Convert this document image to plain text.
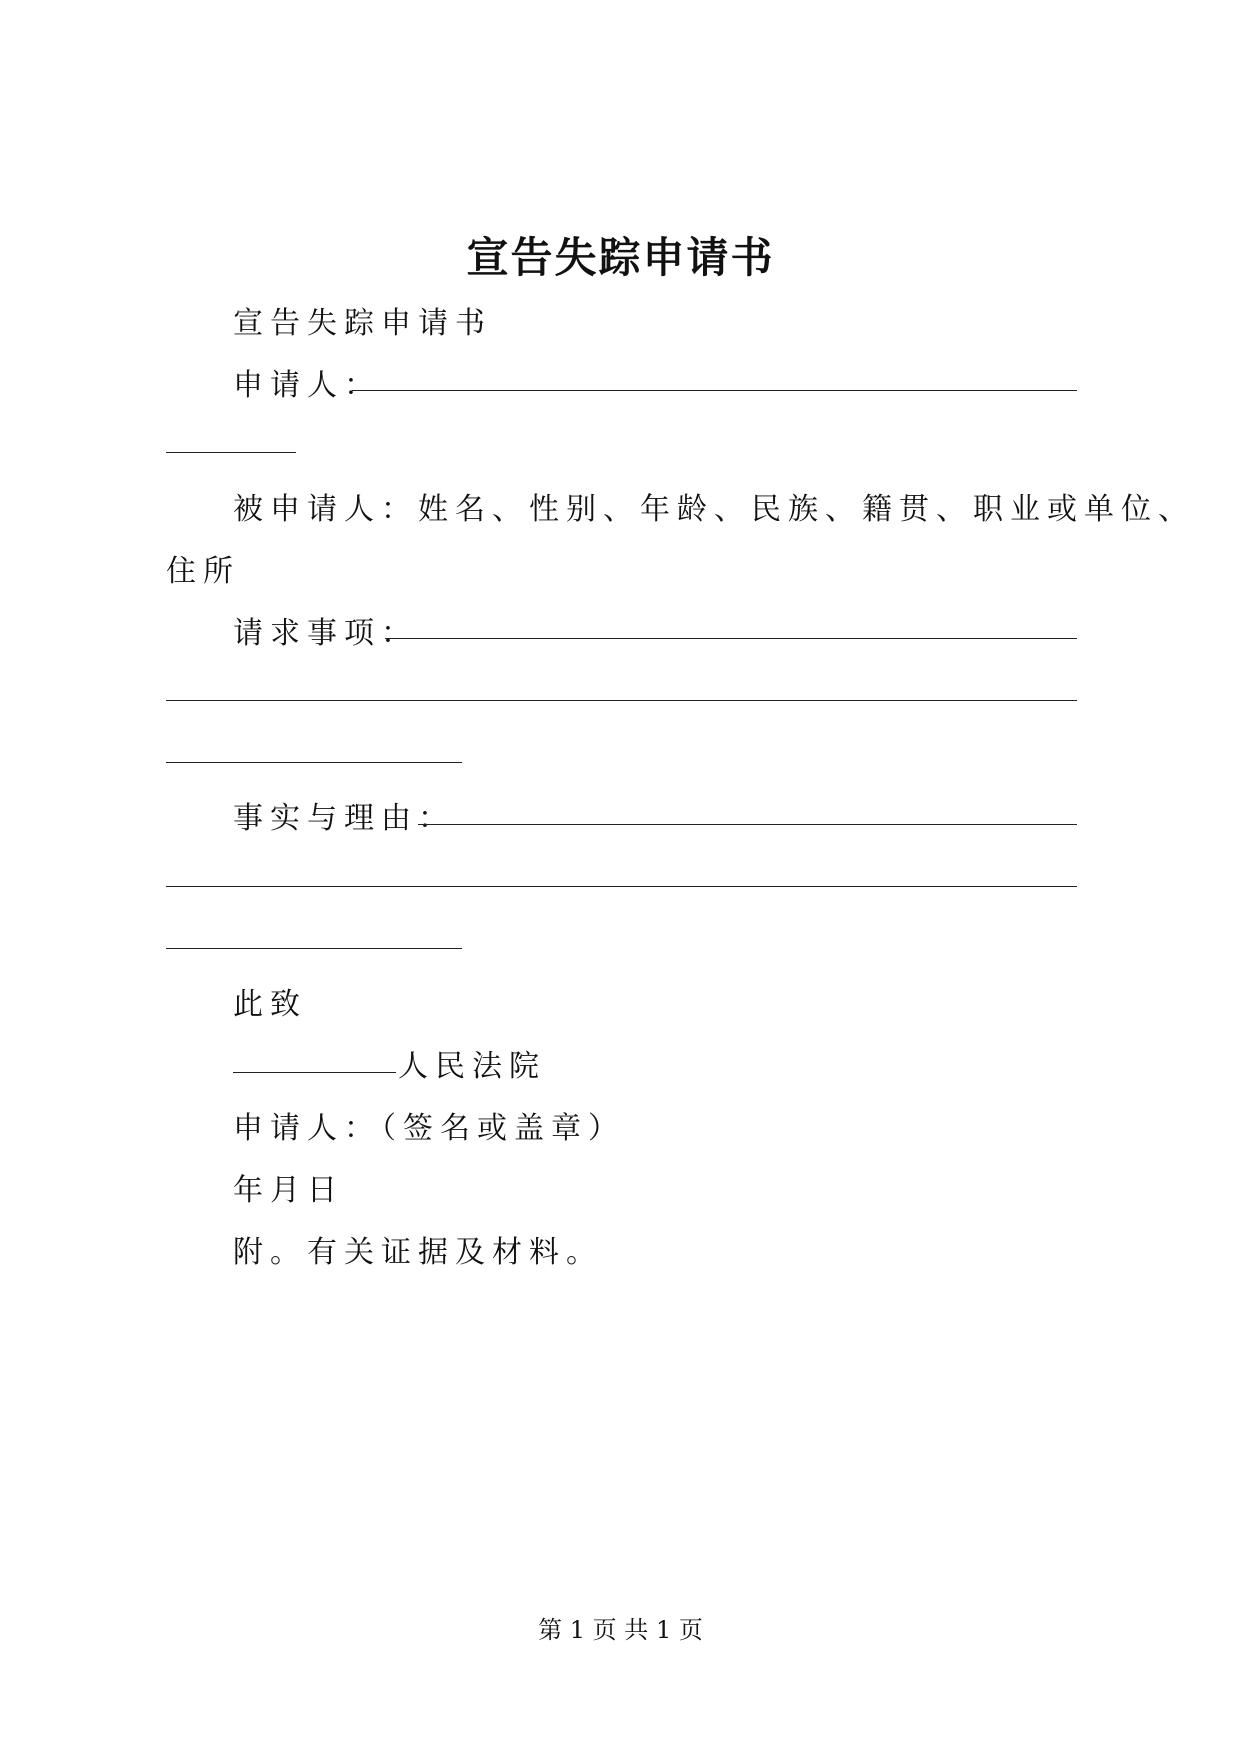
宣告失踪申请书
宣告失踪申请书
申请人：
被申请人：姓名、性别、年龄、民族、籍贯、职业或单位、
住所
请求事项：
事实与理由：
此致
人民法院
申请人：（签名或盖章）
年月日
附。有关证据及材料。
第 1 页 共 1 页
